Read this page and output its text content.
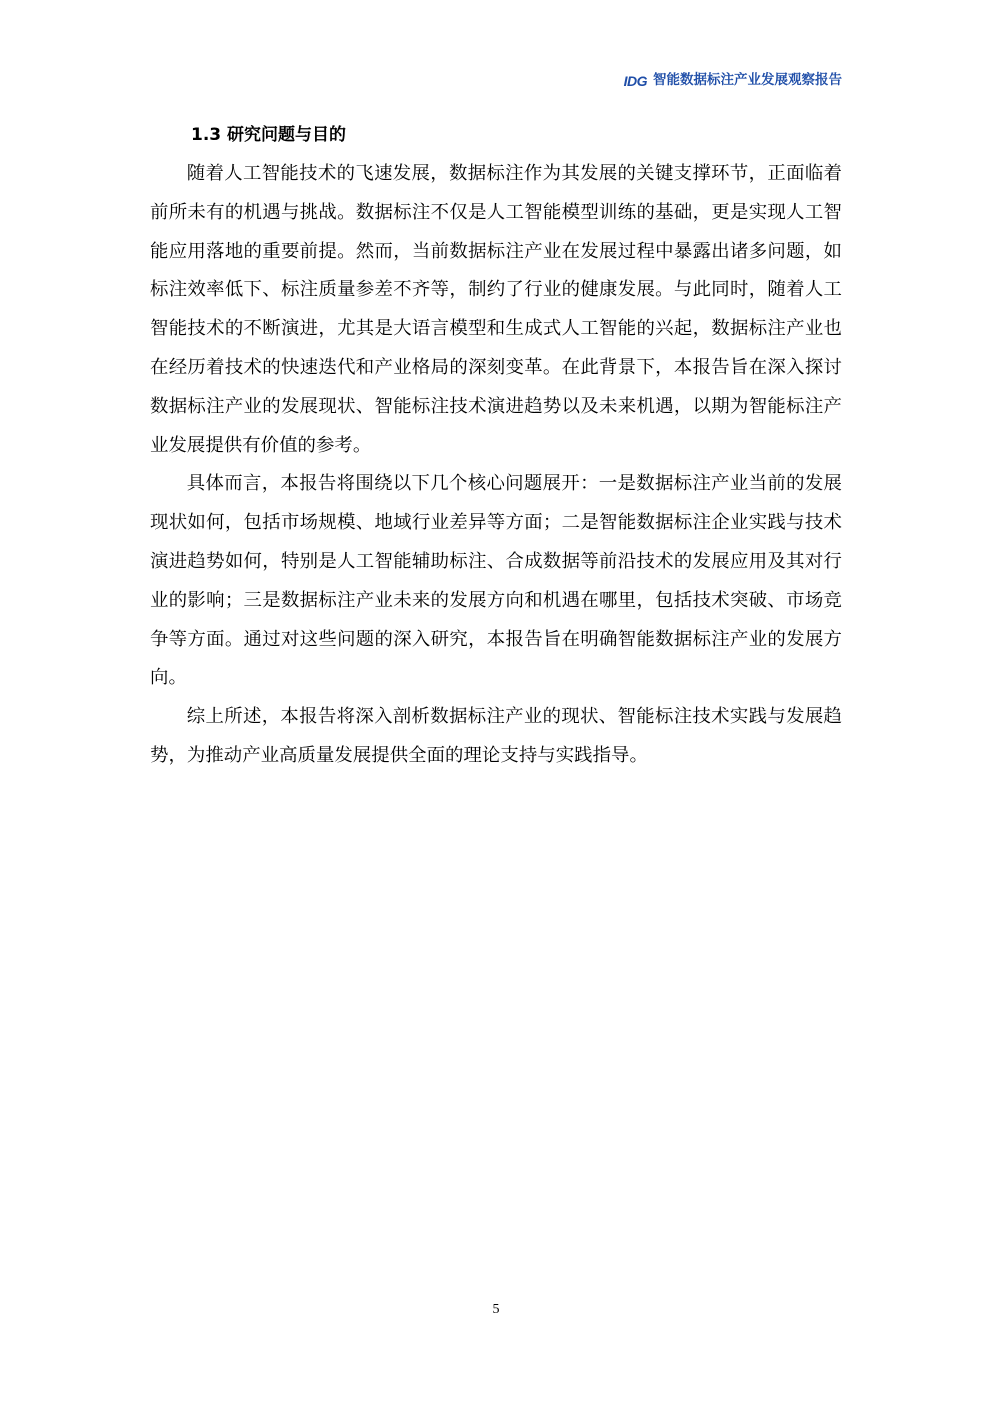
IDG 智能数据标注产业发展观察报告
1.3 研究问题与目的

随着人工智能技术的飞速发展，数据标注作为其发展的关键支撑环节，正面临着前所未有的机遇与挑战。数据标注不仅是人工智能模型训练的基础，更是实现人工智能应用落地的重要前提。然而，当前数据标注产业在发展过程中暴露出诸多问题，如标注效率低下、标注质量参差不齐等，制约了行业的健康发展。与此同时，随着人工智能技术的不断演进，尤其是大语言模型和生成式人工智能的兴起，数据标注产业也在经历着技术的快速迭代和产业格局的深刻变革。在此背景下，本报告旨在深入探讨数据标注产业的发展现状、智能标注技术演进趋势以及未来机遇，以期为智能标注产业发展提供有价值的参考。

具体而言，本报告将围绕以下几个核心问题展开：一是数据标注产业当前的发展现状如何，包括市场规模、地域行业差异等方面；二是智能数据标注企业实践与技术演进趋势如何，特别是人工智能辅助标注、合成数据等前沿技术的发展应用及其对行业的影响；三是数据标注产业未来的发展方向和机遇在哪里，包括技术突破、市场竞争等方面。通过对这些问题的深入研究，本报告旨在明确智能数据标注产业的发展方向。

综上所述，本报告将深入剖析数据标注产业的现状、智能标注技术实践与发展趋势，为推动产业高质量发展提供全面的理论支持与实践指导。

5
